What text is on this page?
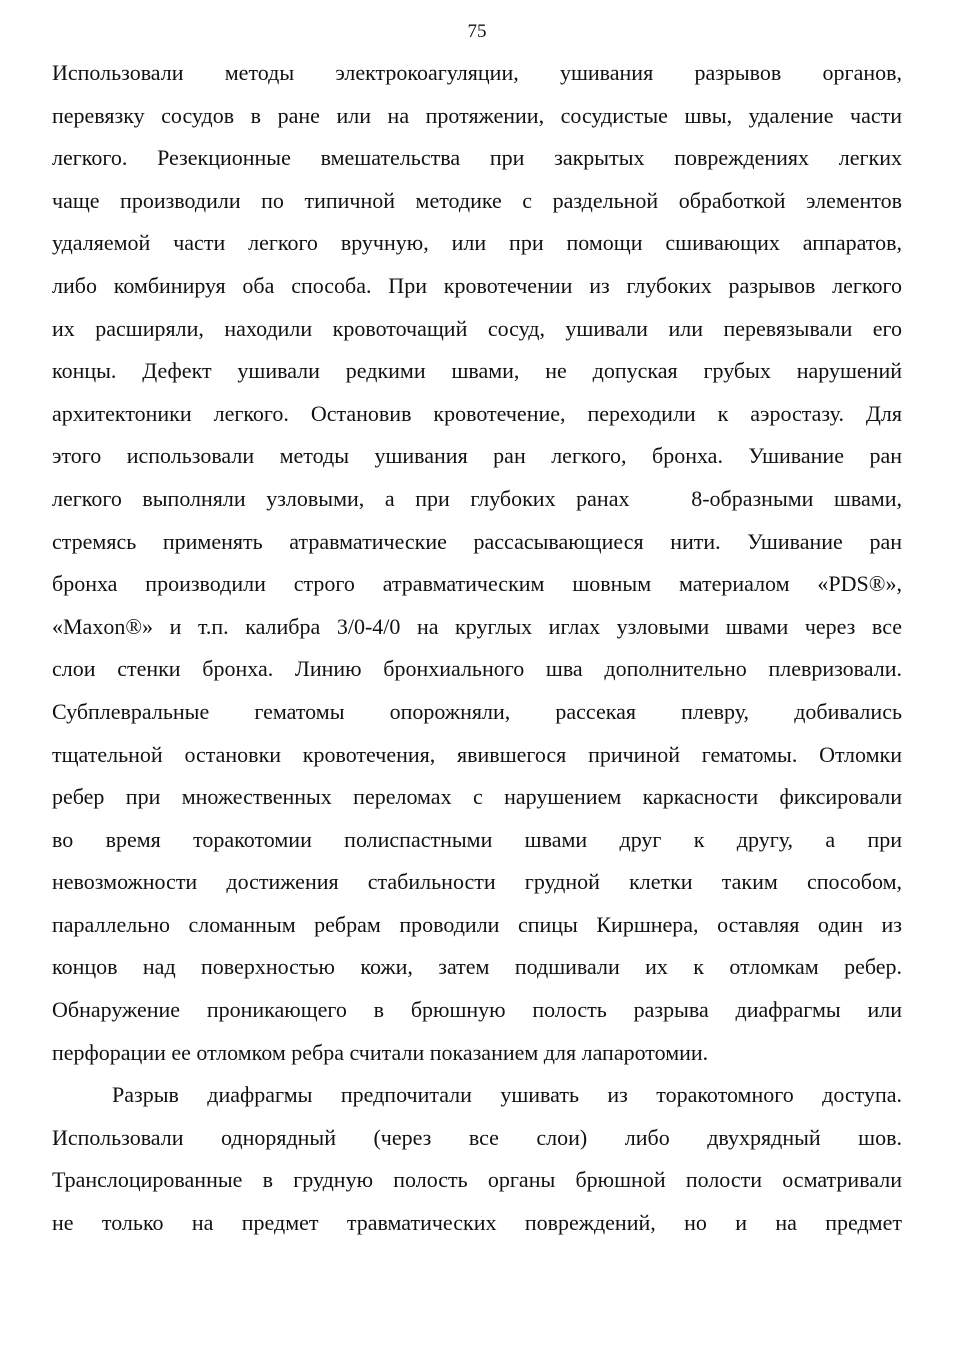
75
Использовали методы электрокоагуляции, ушивания разрывов органов,
перевязку сосудов в ране или на протяжении, сосудистые швы, удаление части
легкого. Резекционные вмешательства при закрытых повреждениях легких
чаще производили по типичной методике с раздельной обработкой элементов
удаляемой части легкого вручную, или при помощи сшивающих аппаратов,
либо комбинируя оба способа. При кровотечении из глубоких разрывов легкого
их расширяли, находили кровоточащий сосуд, ушивали или перевязывали его
концы. Дефект ушивали редкими швами, не допуская грубых нарушений
архитектоники легкого. Остановив кровотечение, переходили к аэростазу. Для
этого использовали методы ушивания ран легкого, бронха. Ушивание ран
легкого выполняли узловыми, а при глубоких ранах   8-образными швами,
стремясь применять атравматические рассасывающиеся нити. Ушивание ран
бронха производили строго атравматическим шовным материалом «PDS®»,
«Maxon®» и т.п. калибра 3/0-4/0 на круглых иглах узловыми швами через все
слои стенки бронха. Линию бронхиального шва дополнительно плевризовали.
Субплевральные гематомы опорожняли, рассекая плевру, добивались
тщательной остановки кровотечения, явившегося причиной гематомы. Отломки
ребер при множественных переломах с нарушением каркасности фиксировали
во время торакотомии полиспастными швами друг к другу, а при
невозможности достижения стабильности грудной клетки таким способом,
параллельно сломанным ребрам проводили спицы Киршнера, оставляя один из
концов над поверхностью кожи, затем подшивали их к отломкам ребер.
Обнаружение проникающего в брюшную полость разрыва диафрагмы или
перфорации ее отломком ребра считали показанием для лапаротомии.
Разрыв диафрагмы предпочитали ушивать из торакотомного доступа.
Использовали однорядный (через все слои) либо двухрядный шов.
Транслоцированные в грудную полость органы брюшной полости осматривали
не только на предмет травматических повреждений, но и на предмет
